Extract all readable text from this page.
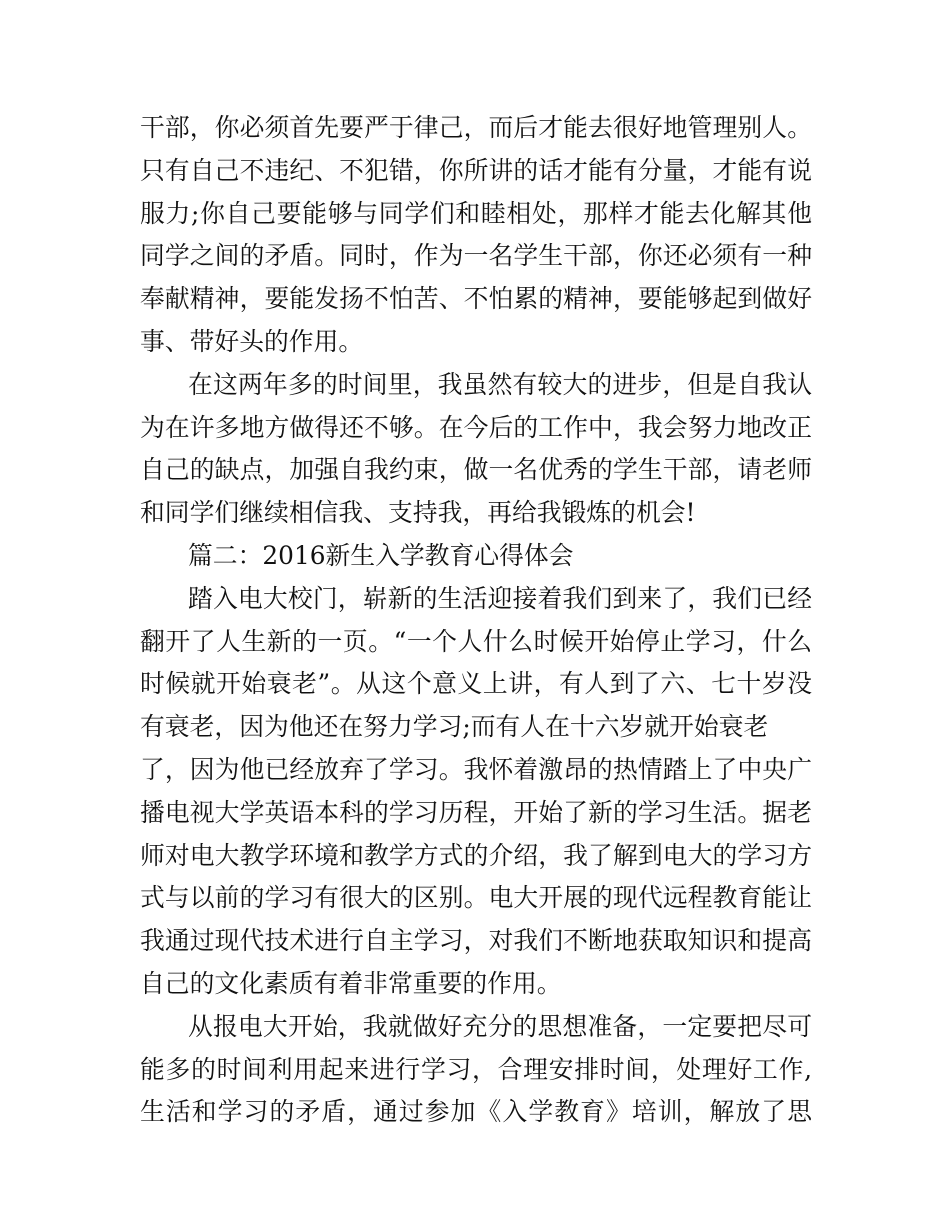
干部，你必须首先要严于律己，而后才能去很好地管理别人。
只有自己不违纪、不犯错，你所讲的话才能有分量，才能有说
服力;你自己要能够与同学们和睦相处，那样才能去化解其他
同学之间的矛盾。同时，作为一名学生干部，你还必须有一种
奉献精神，要能发扬不怕苦、不怕累的精神，要能够起到做好
事、带好头的作用。
在这两年多的时间里，我虽然有较大的进步，但是自我认
为在许多地方做得还不够。在今后的工作中，我会努力地改正
自己的缺点，加强自我约束，做一名优秀的学生干部，请老师
和同学们继续相信我、支持我，再给我锻炼的机会!
篇二：2016新生入学教育心得体会
踏入电大校门，崭新的生活迎接着我们到来了，我们已经
翻开了人生新的一页。“一个人什么时候开始停止学习，什么
时候就开始衰老”。从这个意义上讲，有人到了六、七十岁没
有衰老，因为他还在努力学习;而有人在十六岁就开始衰老
了，因为他已经放弃了学习。我怀着激昂的热情踏上了中央广
播电视大学英语本科的学习历程，开始了新的学习生活。据老
师对电大教学环境和教学方式的介绍，我了解到电大的学习方
式与以前的学习有很大的区别。电大开展的现代远程教育能让
我通过现代技术进行自主学习，对我们不断地获取知识和提高
自己的文化素质有着非常重要的作用。
从报电大开始，我就做好充分的思想准备，一定要把尽可
能多的时间利用起来进行学习，合理安排时间，处理好工作,
生活和学习的矛盾，通过参加《入学教育》培训，解放了思
